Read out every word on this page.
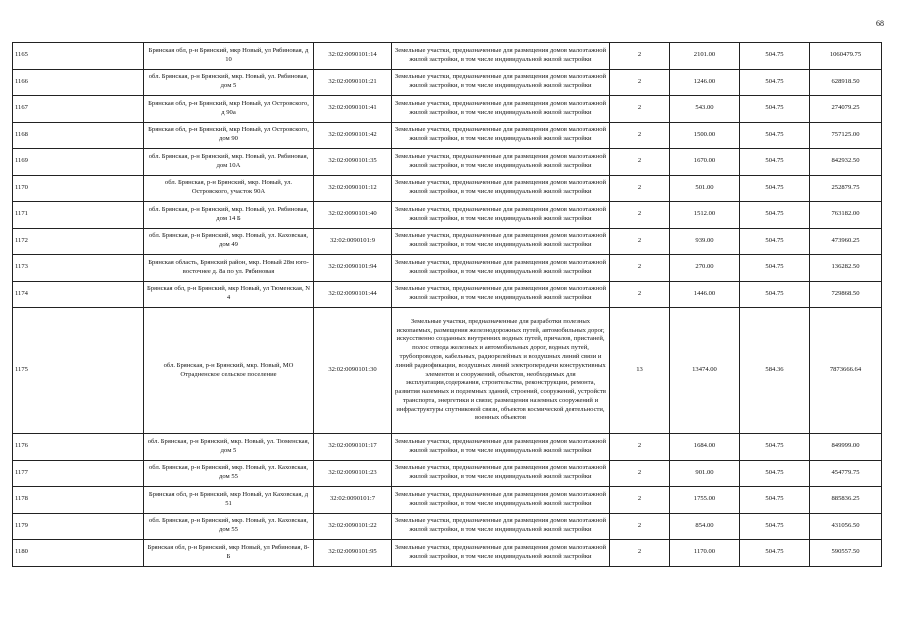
68
1165	Брянская обл, р-н Брянский, мкр Новый, ул Рябиновая, д 10	32:02:0090101:14	Земельные участки, предназначенные для размещения домов малоэтажной жилой застройки, в том числе индивидуальной жилой застройки	2	2101.00	504.75	1060479.75
1166	обл. Брянская, р-н Брянский, мкр. Новый, ул. Рябиновая, дом 5	32:02:0090101:21	Земельные участки, предназначенные для размещения домов малоэтажной жилой застройки, в том числе индивидуальной жилой застройки	2	1246.00	504.75	628918.50
1167	Брянская обл, р-н Брянский, мкр Новый, ул Островского, д 90а	32:02:0090101:41	Земельные участки, предназначенные для размещения домов малоэтажной жилой застройки, в том числе индивидуальной жилой застройки	2	543.00	504.75	274079.25
1168	Брянская обл, р-н Брянский, мкр Новый, ул Островского, дом 90	32:02:0090101:42	Земельные участки, предназначенные для размещения домов малоэтажной жилой застройки, в том числе индивидуальной жилой застройки	2	1500.00	504.75	757125.00
1169	обл. Брянская, р-н Брянский, мкр. Новый, ул. Рябиновая, дом 10А	32:02:0090101:35	Земельные участки, предназначенные для размещения домов малоэтажной жилой застройки, в том числе индивидуальной жилой застройки	2	1670.00	504.75	842932.50
1170	обл. Брянская, р-н Брянский, мкр. Новый, ул. Островского, участок 90А	32:02:0090101:12	Земельные участки, предназначенные для размещения домов малоэтажной жилой застройки, в том числе индивидуальной жилой застройки	2	501.00	504.75	252879.75
1171	обл. Брянская, р-н Брянский, мкр. Новый, ул. Рябиновая, дом 14 Б	32:02:0090101:40	Земельные участки, предназначенные для размещения домов малоэтажной жилой застройки, в том числе индивидуальной жилой застройки	2	1512.00	504.75	763182.00
1172	обл. Брянская, р-н Брянский, мкр. Новый, ул. Каховская, дом 49	32:02:0090101:9	Земельные участки, предназначенные для размещения домов малоэтажной жилой застройки, в том числе индивидуальной жилой застройки	2	939.00	504.75	473960.25
1173	Брянская область, Брянский район, мкр. Новый 28м юго-восточнее д. 8а по ул. Рябиновая	32:02:0090101:94	Земельные участки, предназначенные для размещения домов малоэтажной жилой застройки, в том числе индивидуальной жилой застройки	2	270.00	504.75	136282.50
1174	Брянская обл, р-н Брянский, мкр Новый, ул Тюменская, N 4	32:02:0090101:44	Земельные участки, предназначенные для размещения домов малоэтажной жилой застройки, в том числе индивидуальной жилой застройки	2	1446.00	504.75	729868.50
1175	обл. Брянская, р-н Брянский, мкр. Новый, МО Отрадненское сельское поселение	32:02:0090101:30	Земельные участки, предназначенные для разработки полезных ископаемых, размещения железнодорожных путей, автомобильных дорог, искусственно созданных внутренних водных путей, причалов, пристаней, полос отвода железных и автомобильных дорог, водных путей, трубопроводов, кабельных, радиорелейных и воздушных линий связи и линий радиофикации, воздушных линий электропередачи конструктивных элементов и сооружений, объектов, необходимых для эксплуатации,содержания, строительства, реконструкции, ремонта, развития наземных и подземных зданий, строений, сооружений, устройств транспорта, энергетики и связи; размещения наземных сооружений и инфраструктуры спутниковой связи, объектов космической деятельности, военных объектов	13	13474.00	584.36	7873666.64
1176	обл. Брянская, р-н Брянский, мкр. Новый, ул. Тюменская, дом 5	32:02:0090101:17	Земельные участки, предназначенные для размещения домов малоэтажной жилой застройки, в том числе индивидуальной жилой застройки	2	1684.00	504.75	849999.00
1177	обл. Брянская, р-н Брянский, мкр. Новый, ул. Каховская, дом 55	32:02:0090101:23	Земельные участки, предназначенные для размещения домов малоэтажной жилой застройки, в том числе индивидуальной жилой застройки	2	901.00	504.75	454779.75
1178	Брянская обл, р-н Брянский, мкр Новый, ул Каховская, д 51	32:02:0090101:7	Земельные участки, предназначенные для размещения домов малоэтажной жилой застройки, в том числе индивидуальной жилой застройки	2	1755.00	504.75	885836.25
1179	обл. Брянская, р-н Брянский, мкр. Новый, ул. Каховская, дом 55	32:02:0090101:22	Земельные участки, предназначенные для размещения домов малоэтажной жилой застройки, в том числе индивидуальной жилой застройки	2	854.00	504.75	431056.50
1180	Брянская обл, р-н Брянский, мкр Новый, ул Рябиновая, 8-Б	32:02:0090101:95	Земельные участки, предназначенные для размещения домов малоэтажной жилой застройки, в том числе индивидуальной жилой застройки	2	1170.00	504.75	590557.50
